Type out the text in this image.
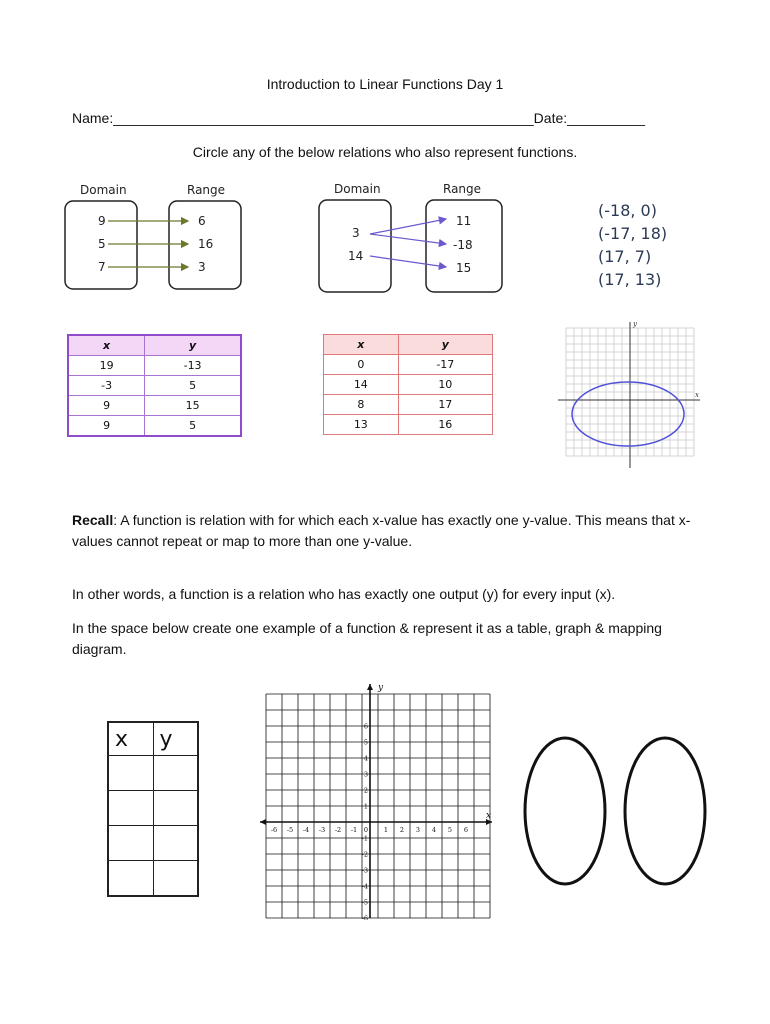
Introduction to Linear Functions Day 1
Name:______________________________________________________Date:__________
Circle any of the below relations who also represent functions.
Domain	Range
9
5
7
6
16
3
Domain	Range
3
14
11
-18
15
(-18, 0)
(-17, 18)
(17, 7)
(17, 13)
x	y
19	-13
-3	5
9	15
9	5
x	y
0	-17
14	10
8	17
13	16
x
y
Recall: A function is relation with for which each x-value has exactly one y-value. This means that x-values cannot repeat or map to more than one y-value.
In other words, a function is a relation who has exactly one output (y) for every input (x).
In the space below create one example of a function & represent it as a table, graph & mapping diagram.
x	y

x
y
-6 -5 -4 -3 -2 -1	1 2 3 4 5 6
6
5
4
3
2
1
-1
-2
-3
-4
-5
-6
0
